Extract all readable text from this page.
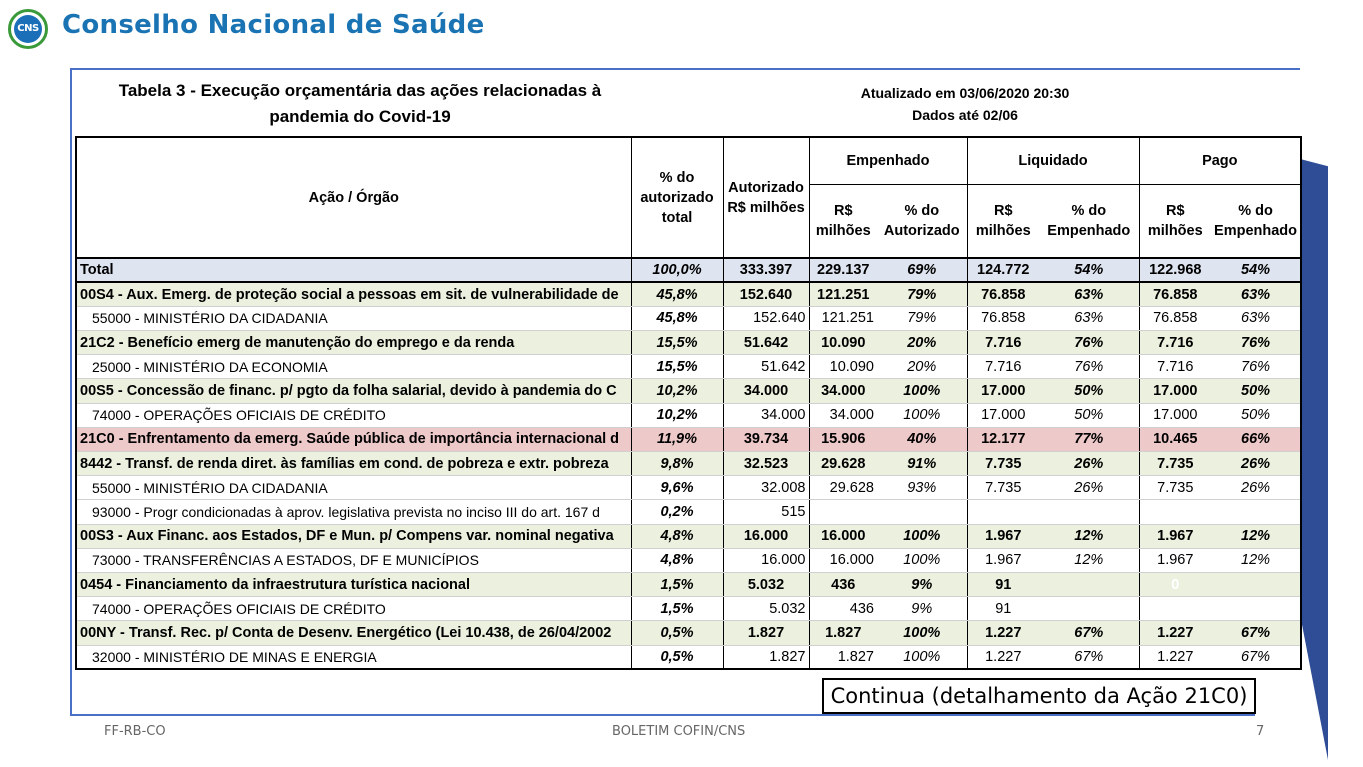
CNS Conselho Nacional de Saúde
Tabela 3 - Execução orçamentária das ações relacionadas à
pandemia do Covid-19
Atualizado em 03/06/2020 20:30
Dados até 02/06
Ação / Órgão	% do autorizado total	Autorizado R$ milhões	Empenhado		Liquidado		Pago	
			R$ milhões	% do Autorizado	R$ milhões	% do Empenhado	R$ milhões	% do Empenhado
Total	100,0%	333.397	229.137	69%	124.772	54%	122.968	54%
00S4 - Aux. Emerg. de proteção social a pessoas em sit. de vulnerabilidade de	45,8%	152.640	121.251	79%	76.858	63%	76.858	63%
55000 - MINISTÉRIO DA CIDADANIA	45,8%	152.640	121.251	79%	76.858	63%	76.858	63%
21C2 - Benefício emerg de manutenção do emprego e da renda	15,5%	51.642	10.090	20%	7.716	76%	7.716	76%
25000 - MINISTÉRIO DA ECONOMIA	15,5%	51.642	10.090	20%	7.716	76%	7.716	76%
00S5 - Concessão de financ. p/ pgto da folha salarial, devido à pandemia do C	10,2%	34.000	34.000	100%	17.000	50%	17.000	50%
74000 - OPERAÇÕES OFICIAIS DE CRÉDITO	10,2%	34.000	34.000	100%	17.000	50%	17.000	50%
21C0 - Enfrentamento da emerg. Saúde pública de importância internacional d	11,9%	39.734	15.906	40%	12.177	77%	10.465	66%
8442 - Transf. de renda diret. às famílias em cond. de pobreza e extr. pobreza	9,8%	32.523	29.628	91%	7.735	26%	7.735	26%
55000 - MINISTÉRIO DA CIDADANIA	9,6%	32.008	29.628	93%	7.735	26%	7.735	26%
93000 - Progr condicionadas à aprov. legislativa prevista no inciso III do art. 167 d	0,2%	515						
00S3 - Aux Financ. aos Estados, DF e Mun. p/ Compens var. nominal negativa	4,8%	16.000	16.000	100%	1.967	12%	1.967	12%
73000 - TRANSFERÊNCIAS A ESTADOS, DF E MUNICÍPIOS	4,8%	16.000	16.000	100%	1.967	12%	1.967	12%
0454 - Financiamento da infraestrutura turística nacional	1,5%	5.032	436	9%	91		0	
74000 - OPERAÇÕES OFICIAIS DE CRÉDITO	1,5%	5.032	436	9%	91			
00NY - Transf. Rec. p/ Conta de Desenv. Energético (Lei 10.438, de 26/04/2002	0,5%	1.827	1.827	100%	1.227	67%	1.227	67%
32000 - MINISTÉRIO DE MINAS E ENERGIA	0,5%	1.827	1.827	100%	1.227	67%	1.227	67%
Continua (detalhamento da Ação 21C0)
FF-RB-CO	BOLETIM COFIN/CNS	7
